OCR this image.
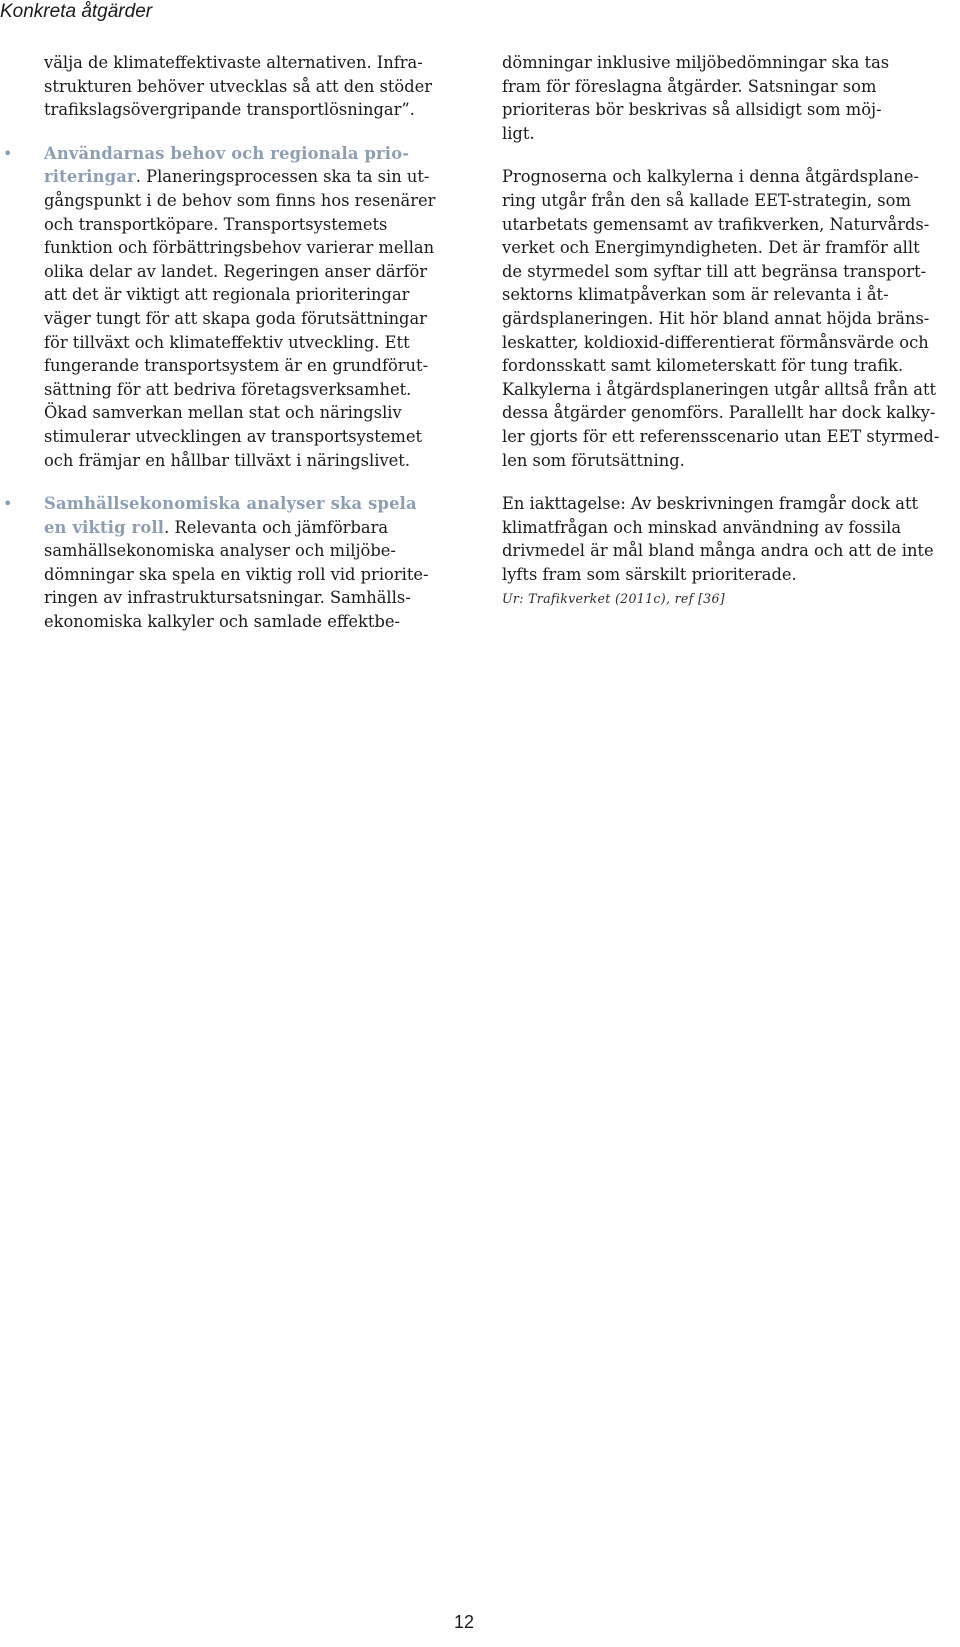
Konkreta åtgärder
välja de klimateffektivaste alternativen. Infra-
strukturen behöver utvecklas så att den stöder
trafikslagsövergripande transportlösningar”.
• Användarnas behov och regionala prio-
riteringar. Planeringsprocessen ska ta sin ut-
gångspunkt i de behov som finns hos resenärer
och transportköpare. Transportsystemets
funktion och förbättringsbehov varierar mellan
olika delar av landet. Regeringen anser därför
att det är viktigt att regionala prioriteringar
väger tungt för att skapa goda förutsättningar
för tillväxt och klimateffektiv utveckling. Ett
fungerande transportsystem är en grundförut-
sättning för att bedriva företagsverksamhet.
Ökad samverkan mellan stat och näringsliv
stimulerar utvecklingen av transportsystemet
och främjar en hållbar tillväxt i näringslivet.
• Samhällsekonomiska analyser ska spela
en viktig roll. Relevanta och jämförbara
samhällsekonomiska analyser och miljöbe-
dömningar ska spela en viktig roll vid priorite-
ringen av infrastruktursatsningar. Samhälls-
ekonomiska kalkyler och samlade effektbe-
dömningar inklusive miljöbedömningar ska tas
fram för föreslagna åtgärder. Satsningar som
prioriteras bör beskrivas så allsidigt som möj-
ligt.
Prognoserna och kalkylerna i denna åtgärdsplane-
ring utgår från den så kallade EET-strategin, som
utarbetats gemensamt av trafikverken, Naturvårds-
verket och Energimyndigheten. Det är framför allt
de styrmedel som syftar till att begränsa transport-
sektorns klimatpåverkan som är relevanta i åt-
gärdsplaneringen. Hit hör bland annat höjda bräns-
leskatter, koldioxid-differentierat förmånsvärde och
fordonsskatt samt kilometerskatt för tung trafik.
Kalkylerna i åtgärdsplaneringen utgår alltså från att
dessa åtgärder genomförs. Parallellt har dock kalky-
ler gjorts för ett referensscenario utan EET styrmed-
len som förutsättning.
En iakttagelse: Av beskrivningen framgår dock att
klimatfrågan och minskad användning av fossila
drivmedel är mål bland många andra och att de inte
lyfts fram som särskilt prioriterade.
Ur: Trafikverket (2011c), ref [36]
12
